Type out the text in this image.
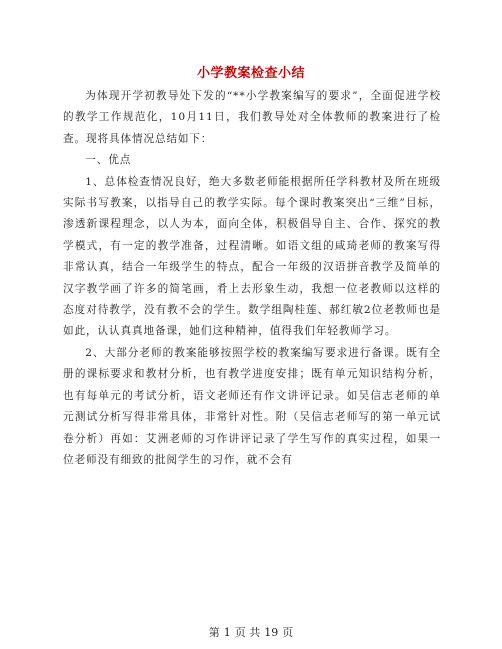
小学教案检查小结

为体现开学初教导处下发的“**小学教案编写的要求”，全面促进学校的教学工作规范化，10月11日，我们教导处对全体教师的教案进行了检查。现将具体情况总结如下：

一、优点

1、总体检查情况良好，绝大多数老师能根据所任学科教材及所在班级实际书写教案，以指导自己的教学实际。每个课时教案突出“三维”目标，渗透新课程理念，以人为本，面向全体，积极倡导自主、合作、探究的教学模式，有一定的教学准备，过程清晰。如语文组的咸琦老师的教案写得非常认真，结合一年级学生的特点，配合一年级的汉语拼音教学及简单的汉字教学画了许多的简笔画，肴上去形象生动，我想一位老教师以这样的态度对待教学，没有教不会的学生。数学组陶桂莲、郝红敏2位老教师也是如此，认认真真地备课，她们这种精神，值得我们年轻教师学习。

2、大部分老师的教案能够按照学校的教案编写要求进行备课。既有全册的课标要求和教材分析，也有教学进度安排；既有单元知识结构分析，也有每单元的考试分析，语文老师还有作文讲评记录。如吴信志老师的单元测试分析写得非常具体，非常针对性。附（吴信志老师写的第一单元试卷分析）再如：艾洲老师的习作讲评记录了学生写作的真实过程，如果一位老师没有细致的批阅学生的习作，就不会有

第 1 页 共 19 页
